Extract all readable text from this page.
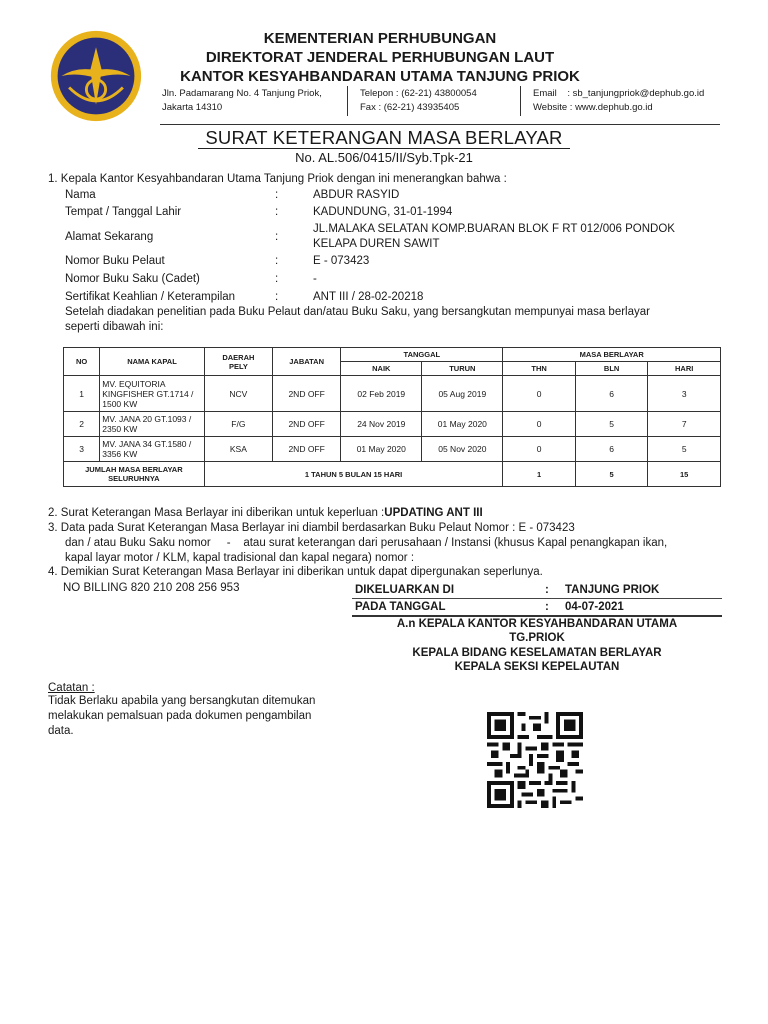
KEMENTERIAN PERHUBUNGAN
DIREKTORAT JENDERAL PERHUBUNGAN LAUT
KANTOR KESYAHBANDARAN UTAMA TANJUNG PRIOK
Jln. Padamarang No. 4 Tanjung Priok,
Jakarta 14310
Telepon : (62-21) 43800054
Fax : (62-21) 43935405
Email : sb_tanjungpriok@dephub.go.id
Website : www.dephub.go.id
SURAT KETERANGAN MASA BERLAYAR
No. AL.506/0415/II/Syb.Tpk-21
1. Kepala Kantor Kesyahbandaran Utama Tanjung Priok dengan ini menerangkan bahwa :
Nama	:	ABDUR RASYID
Tempat / Tanggal Lahir	:	KADUNDUNG, 31-01-1994
Alamat Sekarang	:
JL.MALAKA SELATAN KOMP.BUARAN BLOK F RT 012/006 PONDOK
KELAPA DUREN SAWIT
Nomor Buku Pelaut	:	E - 073423
Nomor Buku Saku (Cadet)	:	-
Sertifikat Keahlian / Keterampilan	:	ANT III / 28-02-20218
Setelah diadakan penelitian pada Buku Pelaut dan/atau Buku Saku, yang bersangkutan mempunyai masa berlayar
seperti dibawah ini:
NO	NAMA KAPAL	DAERAH
PELY	JABATAN	TANGGAL		MASA BERLAYAR		
				NAIK	TURUN	THN	BLN	HARI
1	MV. EQUITORIA
KINGFISHER GT.1714 /
1500 KW	NCV	2ND OFF	02 Feb 2019	05 Aug 2019	0	6	3
2	MV. JANA 20 GT.1093 /
2350 KW	F/G	2ND OFF	24 Nov 2019	01 May 2020	0	5	7
3	MV. JANA 34 GT.1580 /
3356 KW	KSA	2ND OFF	01 May 2020	05 Nov 2020	0	6	5

JUMLAH MASA BERLAYAR
SELURUHNYA		1 TAHUN 5 BULAN 15 HARI				1	5	15
2. Surat Keterangan Masa Berlayar ini diberikan untuk keperluan :UPDATING ANT III
3. Data pada Surat Keterangan Masa Berlayar ini diambil berdasarkan Buku Pelaut Nomor : E - 073423
dan / atau Buku Saku nomor     -    atau surat keterangan dari perusahaan / Instansi (khusus Kapal penangkapan ikan,
kapal layar motor / KLM, kapal tradisional dan kapal negara) nomor :
4. Demikian Surat Keterangan Masa Berlayar ini diberikan untuk dapat dipergunakan seperlunya.
NO BILLING 820 210 208 256 953	DIKELUARKAN DI	: TANJUNG PRIOK
PADA TANGGAL	: 04-07-2021
A.n KEPALA KANTOR KESYAHBANDARAN UTAMA
TG.PRIOK
KEPALA BIDANG KESELAMATAN BERLAYAR
KEPALA SEKSI KEPELAUTAN
Catatan :
Tidak Berlaku apabila yang bersangkutan ditemukan
melakukan pemalsuan pada dokumen pengambilan
data.
